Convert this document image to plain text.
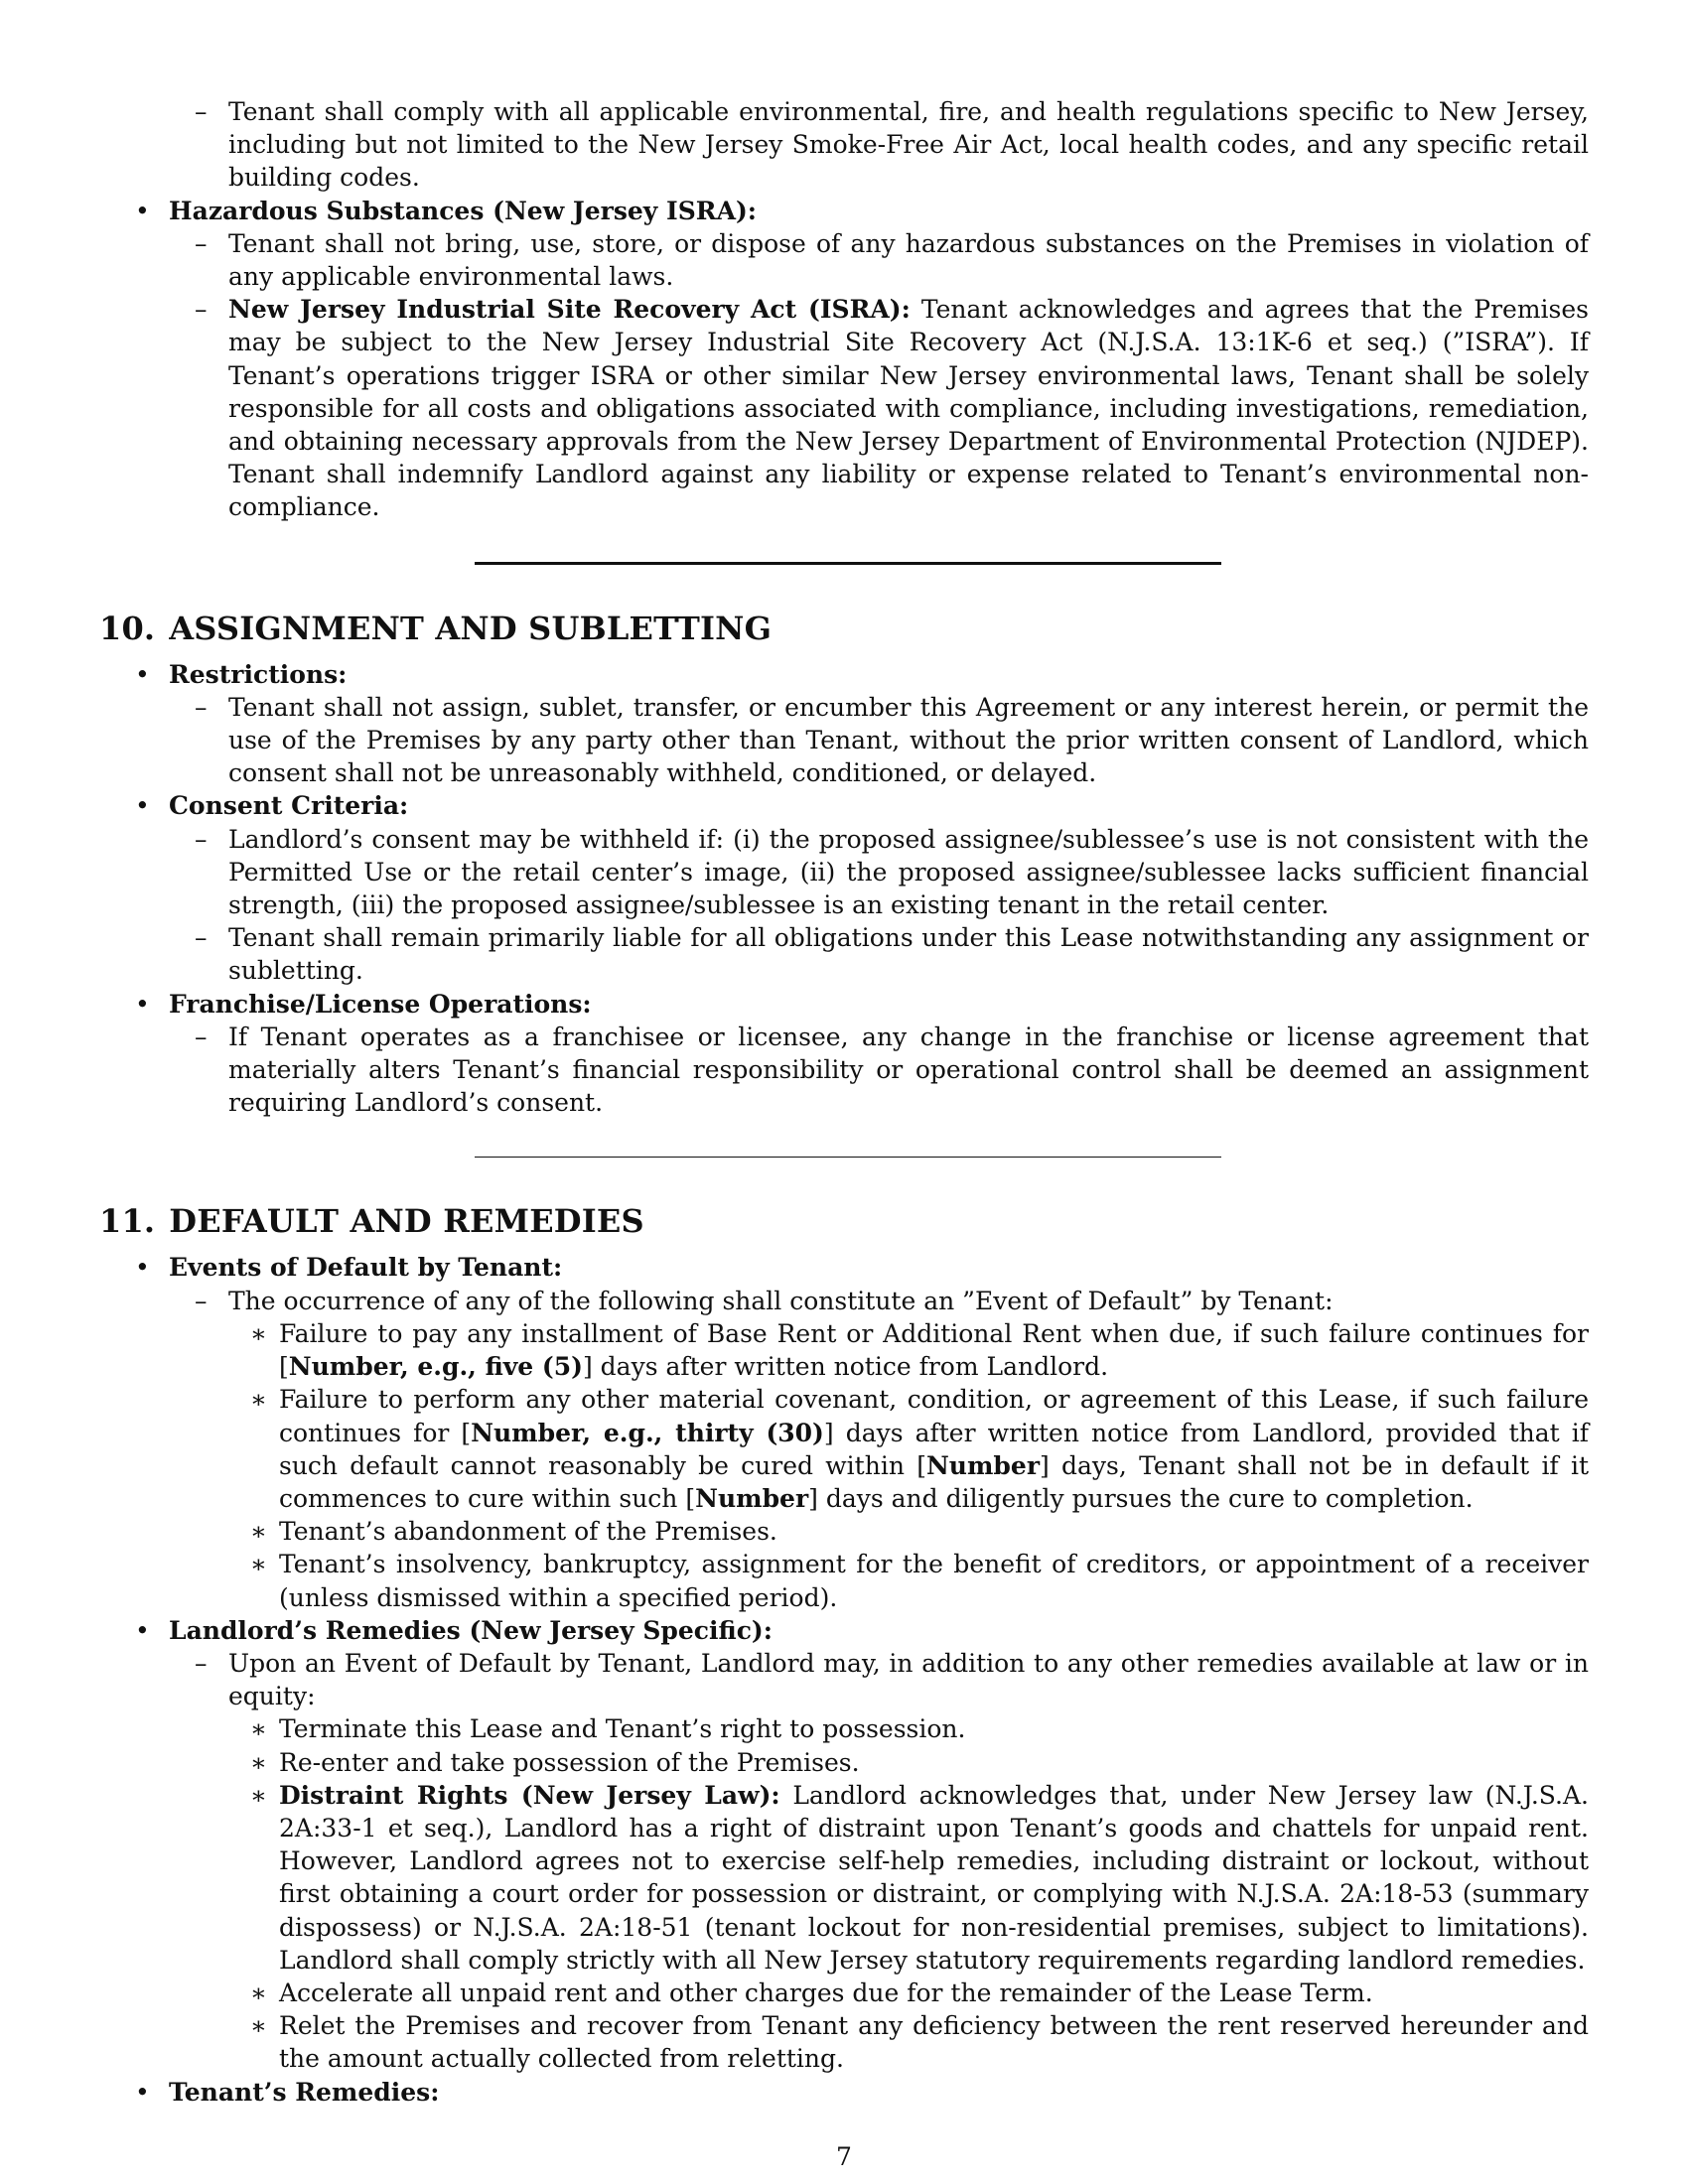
– Tenant shall comply with all applicable environmental, fire, and health regulations specific to New Jersey, including but not limited to the New Jersey Smoke-Free Air Act, local health codes, and any specific retail building codes.
• Hazardous Substances (New Jersey ISRA):
– Tenant shall not bring, use, store, or dispose of any hazardous substances on the Premises in violation of any applicable environmental laws.
– New Jersey Industrial Site Recovery Act (ISRA): Tenant acknowledges and agrees that the Premises may be subject to the New Jersey Industrial Site Recovery Act (N.J.S.A. 13:1K-6 et seq.) (”ISRA”). If Tenant’s operations trigger ISRA or other similar New Jersey environmental laws, Tenant shall be solely responsible for all costs and obligations associated with compliance, including investigations, remediation, and obtaining necessary approvals from the New Jersey Department of Environmental Protection (NJDEP). Tenant shall indemnify Landlord against any liability or expense related to Tenant’s environmental non-compliance.
10. ASSIGNMENT AND SUBLETTING
• Restrictions:
– Tenant shall not assign, sublet, transfer, or encumber this Agreement or any interest herein, or permit the use of the Premises by any party other than Tenant, without the prior written consent of Landlord, which consent shall not be unreasonably withheld, conditioned, or delayed.
• Consent Criteria:
– Landlord’s consent may be withheld if: (i) the proposed assignee/sublessee’s use is not consistent with the Permitted Use or the retail center’s image, (ii) the proposed assignee/sublessee lacks sufficient financial strength, (iii) the proposed assignee/sublessee is an existing tenant in the retail center.
– Tenant shall remain primarily liable for all obligations under this Lease notwithstanding any assignment or subletting.
• Franchise/License Operations:
– If Tenant operates as a franchisee or licensee, any change in the franchise or license agreement that materially alters Tenant’s financial responsibility or operational control shall be deemed an assignment requiring Landlord’s consent.
11. DEFAULT AND REMEDIES
• Events of Default by Tenant:
– The occurrence of any of the following shall constitute an ”Event of Default” by Tenant:
∗ Failure to pay any installment of Base Rent or Additional Rent when due, if such failure continues for [Number, e.g., five (5)] days after written notice from Landlord.
∗ Failure to perform any other material covenant, condition, or agreement of this Lease, if such failure continues for [Number, e.g., thirty (30)] days after written notice from Landlord, provided that if such default cannot reasonably be cured within [Number] days, Tenant shall not be in default if it commences to cure within such [Number] days and diligently pursues the cure to completion.
∗ Tenant’s abandonment of the Premises.
∗ Tenant’s insolvency, bankruptcy, assignment for the benefit of creditors, or appointment of a receiver (unless dismissed within a specified period).
• Landlord’s Remedies (New Jersey Specific):
– Upon an Event of Default by Tenant, Landlord may, in addition to any other remedies available at law or in equity:
∗ Terminate this Lease and Tenant’s right to possession.
∗ Re-enter and take possession of the Premises.
∗ Distraint Rights (New Jersey Law): Landlord acknowledges that, under New Jersey law (N.J.S.A. 2A:33-1 et seq.), Landlord has a right of distraint upon Tenant’s goods and chattels for unpaid rent. However, Landlord agrees not to exercise self-help remedies, including distraint or lockout, without first obtaining a court order for possession or distraint, or complying with N.J.S.A. 2A:18-53 (summary dispossess) or N.J.S.A. 2A:18-51 (tenant lockout for non-residential premises, subject to limitations). Landlord shall comply strictly with all New Jersey statutory requirements regarding landlord remedies.
∗ Accelerate all unpaid rent and other charges due for the remainder of the Lease Term.
∗ Relet the Premises and recover from Tenant any deficiency between the rent reserved hereunder and the amount actually collected from reletting.
• Tenant’s Remedies:
7
